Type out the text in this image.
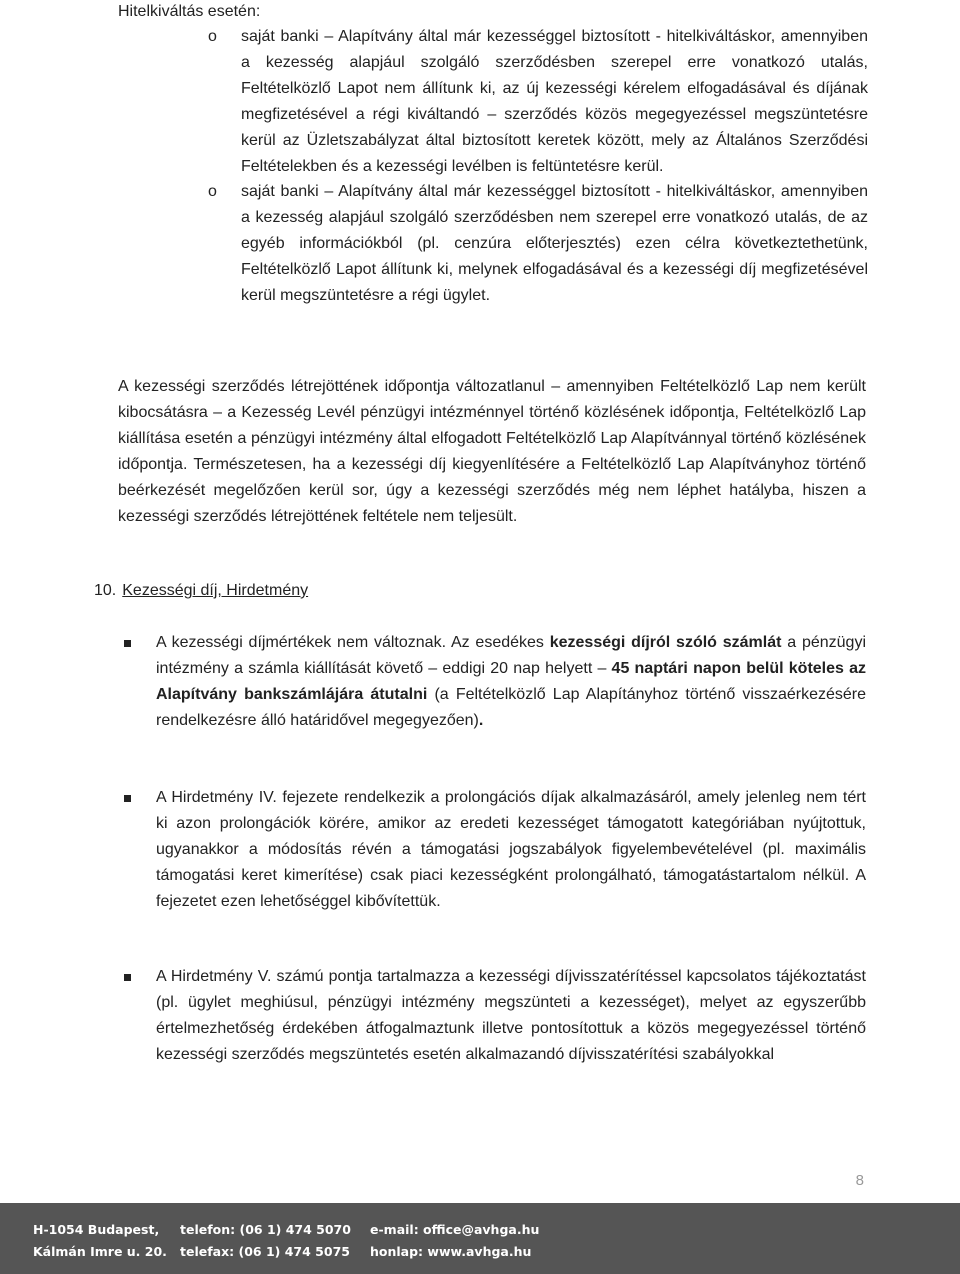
Hitelkiváltás esetén:
o saját banki – Alapítvány által már kezességgel biztosított - hitelkiváltáskor, amennyiben a kezesség alapjául szolgáló szerződésben szerepel erre vonatkozó utalás, Feltételközlő Lapot nem állítunk ki, az új kezességi kérelem elfogadásával és díjának megfizetésével a régi kiváltandó – szerződés közös megegyezéssel megszüntetésre kerül az Üzletszabályzat által biztosított keretek között, mely az Általános Szerződési Feltételekben és a kezességi levélben is feltüntetésre kerül.
o saját banki – Alapítvány által már kezességgel biztosított - hitelkiváltáskor, amennyiben a kezesség alapjául szolgáló szerződésben nem szerepel erre vonatkozó utalás, de az egyéb információkból (pl. cenzúra előterjesztés) ezen célra következtethetünk, Feltételközlő Lapot állítunk ki, melynek elfogadásával és a kezességi díj megfizetésével kerül megszüntetésre a régi ügylet.
A kezességi szerződés létrejöttének időpontja változatlanul – amennyiben Feltételközlő Lap nem került kibocsátásra – a Kezesség Levél pénzügyi intézménnyel történő közlésének időpontja, Feltételközlő Lap kiállítása esetén a pénzügyi intézmény által elfogadott Feltételközlő Lap Alapítvánnyal történő közlésének időpontja. Természetesen, ha a kezességi díj kiegyenlítésére a Feltételközlő Lap Alapítványhoz történő beérkezését megelőzően kerül sor, úgy a kezességi szerződés még nem léphet hatályba, hiszen a kezességi szerződés létrejöttének feltétele nem teljesült.
10. Kezességi díj, Hirdetmény
A kezességi díjmértékek nem változnak. Az esedékes kezességi díjról szóló számlát a pénzügyi intézmény a számla kiállítását követő – eddigi 20 nap helyett – 45 naptári napon belül köteles az Alapítvány bankszámlájára átutalni (a Feltételközlő Lap Alapítányhoz történő visszaérkezésére rendelkezésre álló határidővel megegyezően).
A Hirdetmény IV. fejezete rendelkezik a prolongációs díjak alkalmazásáról, amely jelenleg nem tért ki azon prolongációk körére, amikor az eredeti kezességet támogatott kategóriában nyújtottuk, ugyanakkor a módosítás révén a támogatási jogszabályok figyelembevételével (pl. maximális támogatási keret kimerítése) csak piaci kezességként prolongálható, támogatástartalom nélkül. A fejezetet ezen lehetőséggel kibővítettük.
A Hirdetmény V. számú pontja tartalmazza a kezességi díjvisszatérítéssel kapcsolatos tájékoztatást (pl. ügylet meghiúsul, pénzügyi intézmény megszünteti a kezességet), melyet az egyszerűbb értelmezhetőség érdekében átfogalmaztunk illetve pontosítottuk a közös megegyezéssel történő kezességi szerződés megszüntetés esetén alkalmazandó díjvisszatérítési szabályokkal
8
H-1054 Budapest,
Kálmán Imre u. 20.
telefon: (06 1) 474 5070
telefax: (06 1) 474 5075
e-mail: office@avhga.hu
honlap: www.avhga.hu
